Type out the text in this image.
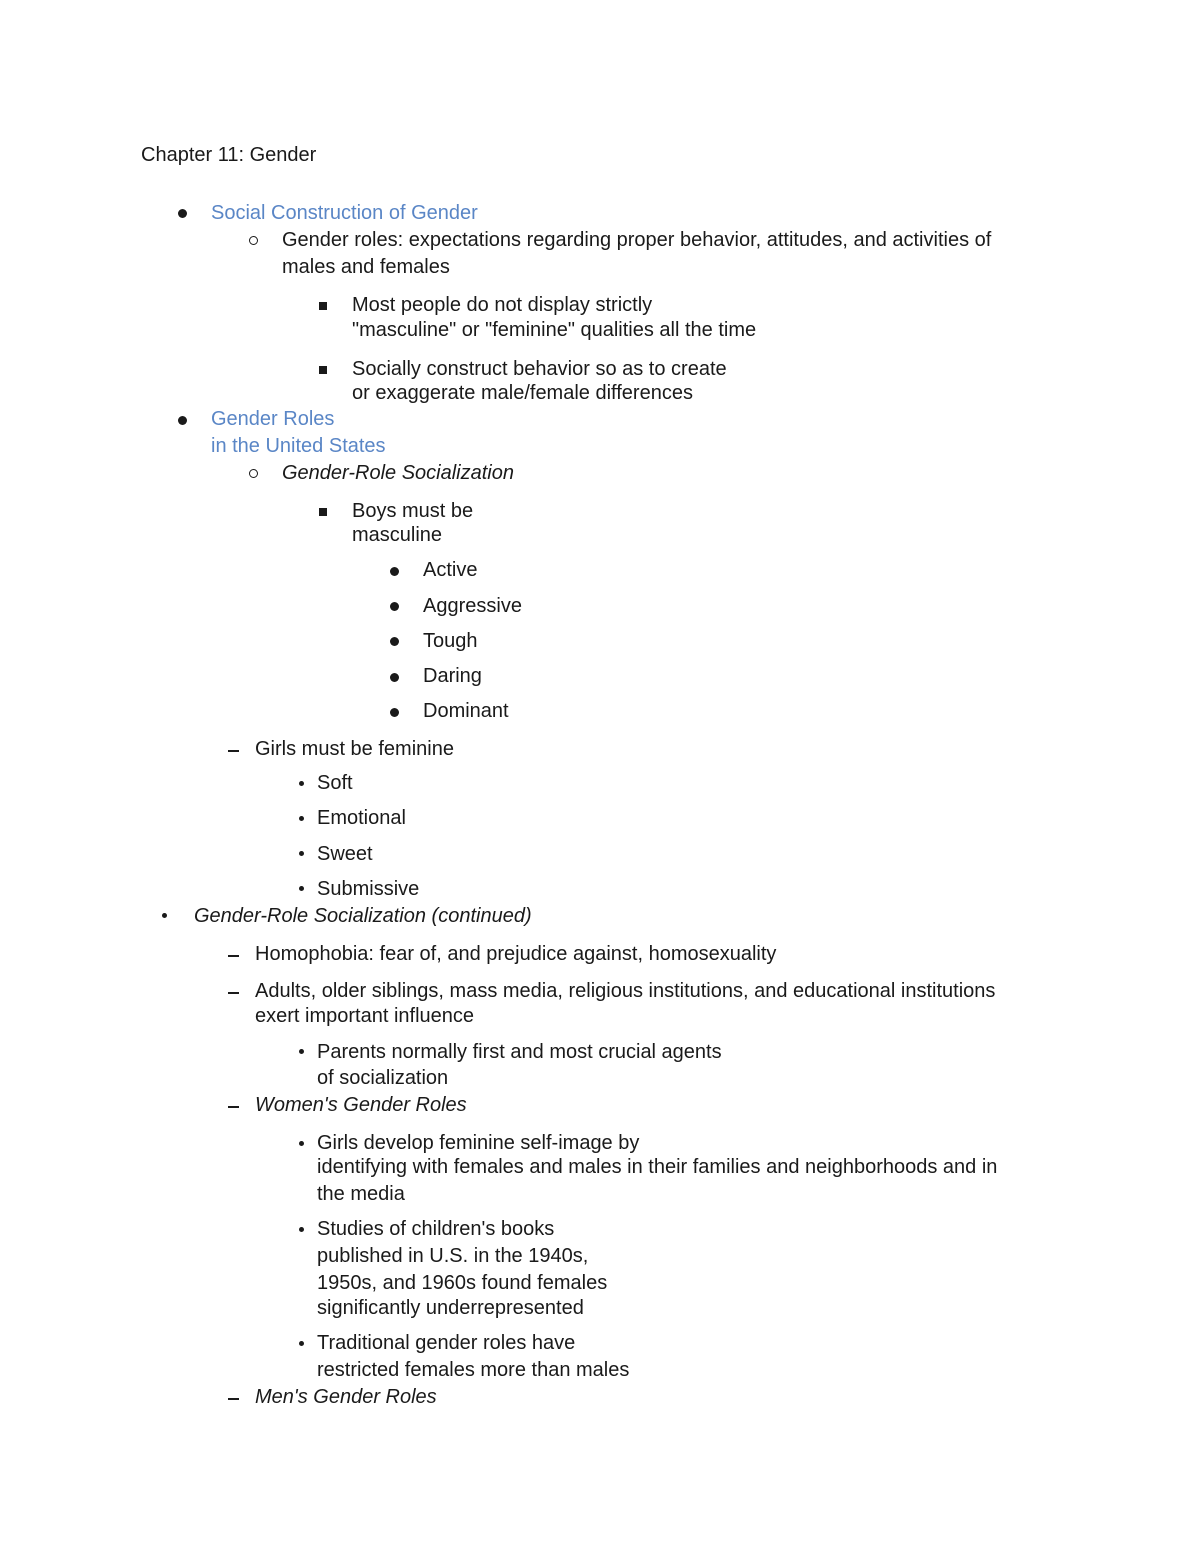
Chapter 11: Gender

Social Construction of Gender

Gender roles: expectations regarding proper behavior, attitudes, and activities of

males and females

Most people do not display strictly

"masculine" or "feminine" qualities all the time

Socially construct behavior so as to create

or exaggerate male/female differences

Gender Roles

in the United States

Gender-Role Socialization

Boys must be

masculine

Active

Aggressive

Tough

Daring

Dominant

Girls must be feminine

Soft

Emotional

Sweet

Submissive

Gender-Role Socialization (continued)

Homophobia: fear of, and prejudice against, homosexuality

Adults, older siblings, mass media, religious institutions, and educational institutions

exert important influence

Parents normally first and most crucial agents

of socialization

Women's Gender Roles

Girls develop feminine self-image by

identifying with females and males in their families and neighborhoods and in

the media

Studies of children's books

published in U.S. in the 1940s,

1950s, and 1960s found females

significantly underrepresented

Traditional gender roles have

restricted females more than males

Men's Gender Roles
